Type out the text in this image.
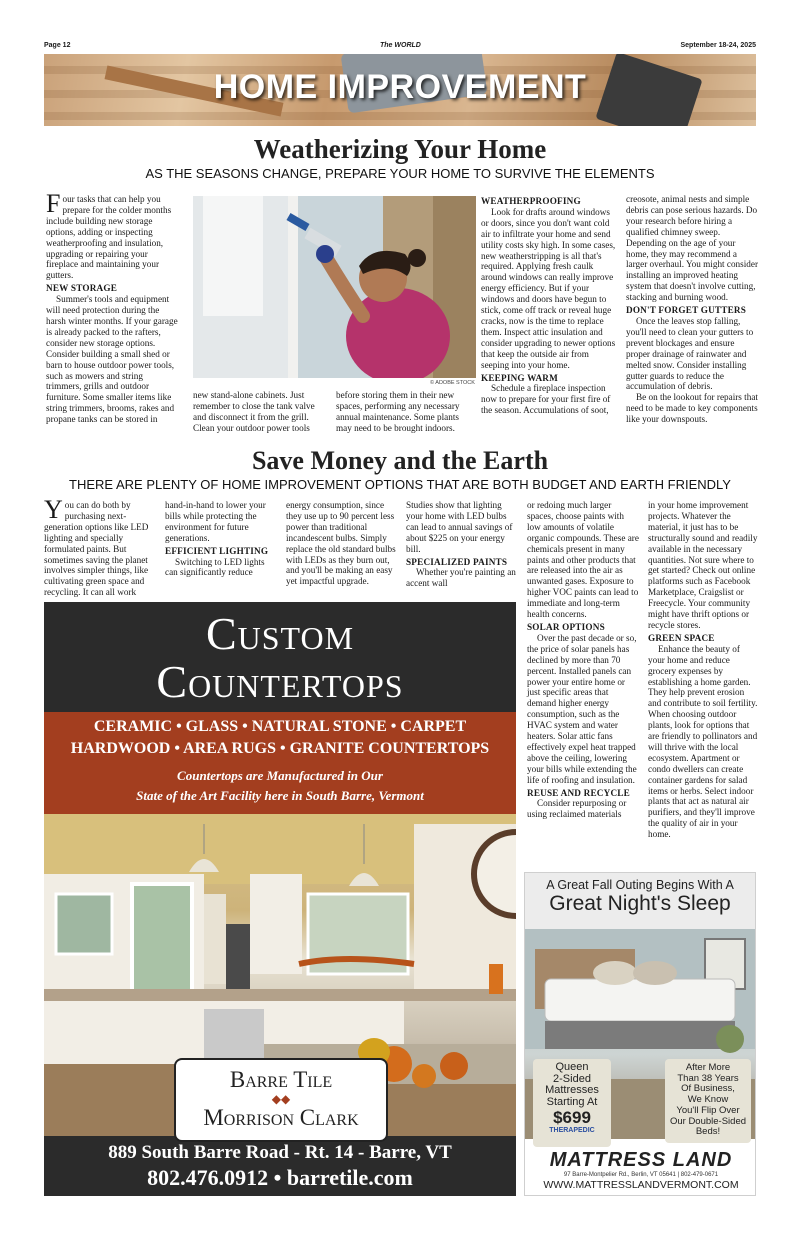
Page 12	The WORLD	September 18-24, 2025
HOME IMPROVEMENT
Weatherizing Your Home
AS THE SEASONS CHANGE, PREPARE YOUR HOME TO SURVIVE THE ELEMENTS

Four tasks that can help you prepare for the colder months include building new storage options, adding or inspecting weatherproofing and insulation, upgrading or repairing your fireplace and maintaining your gutters.

NEW STORAGE

Summer's tools and equipment will need protection during the harsh winter months. If your garage is already packed to the rafters, consider new storage options. Consider building a small shed or barn to house outdoor power tools, such as mowers and string trimmers, grills and outdoor furniture. Some smaller items like string trimmers, brooms, rakes and propane tanks can be stored in

© ADOBE STOCK

new stand-alone cabinets. Just remember to close the tank valve and disconnect it from the grill. Clean your outdoor power tools

before storing them in their new spaces, performing any necessary annual maintenance. Some plants may need to be brought indoors.

WEATHERPROOFING

Look for drafts around windows or doors, since you don't want cold air to infiltrate your home and send utility costs sky high. In some cases, new weatherstripping is all that's required. Applying fresh caulk around windows can really improve energy efficiency. But if your windows and doors have begun to stick, come off track or reveal huge cracks, now is the time to replace them. Inspect attic insulation and consider upgrading to newer options that keep the outside air from seeping into your home.

KEEPING WARM

Schedule a fireplace inspection now to prepare for your first fire of the season. Accumulations of soot,

creosote, animal nests and simple debris can pose serious hazards. Do your research before hiring a qualified chimney sweep. Depending on the age of your home, they may recommend a larger overhaul. You might consider installing an improved heating system that doesn't involve cutting, stacking and burning wood.

DON'T FORGET GUTTERS

Once the leaves stop falling, you'll need to clean your gutters to prevent blockages and ensure proper drainage of rainwater and melted snow. Consider installing gutter guards to reduce the accumulation of debris.

Be on the lookout for repairs that need to be made to key components like your downspouts.

Save Money and the Earth
THERE ARE PLENTY OF HOME IMPROVEMENT OPTIONS THAT ARE BOTH BUDGET AND EARTH FRIENDLY

You can do both by purchasing next-generation options like LED lighting and specially formulated paints. But sometimes saving the planet involves simpler things, like cultivating green space and recycling. It can all work

hand-in-hand to lower your bills while protecting the environment for future generations.

EFFICIENT LIGHTING

Switching to LED lights can significantly reduce

energy consumption, since they use up to 90 percent less power than traditional incandescent bulbs. Simply replace the old standard bulbs with LEDs as they burn out, and you'll be making an easy yet impactful upgrade.

Studies show that lighting your home with LED bulbs can lead to annual savings of about $225 on your energy bill.

SPECIALIZED PAINTS

Whether you're painting an accent wall

or redoing much larger spaces, choose paints with low amounts of volatile organic compounds. These are chemicals present in many paints and other products that are released into the air as unwanted gases. Exposure to higher VOC paints can lead to immediate and long-term health concerns.

SOLAR OPTIONS

Over the past decade or so, the price of solar panels has declined by more than 70 percent. Installed panels can power your entire home or just specific areas that demand higher energy consumption, such as the HVAC system and water heaters. Solar attic fans effectively expel heat trapped above the ceiling, lowering your bills while extending the life of roofing and insulation.

REUSE AND RECYCLE

Consider repurposing or using reclaimed materials

in your home improvement projects. Whatever the material, it just has to be structurally sound and readily available in the necessary quantities. Not sure where to get started? Check out online platforms such as Facebook Marketplace, Craigslist or Freecycle. Your community might have thrift options or recycle stores.

GREEN SPACE

Enhance the beauty of your home and reduce grocery expenses by establishing a home garden. They help prevent erosion and contribute to soil fertility. When choosing outdoor plants, look for options that are friendly to pollinators and will thrive with the local ecosystem. Apartment or condo dwellers can create container gardens for salad items or herbs. Select indoor plants that act as natural air purifiers, and they'll improve the quality of air in your home.

Custom
Countertops
CERAMIC • GLASS • NATURAL STONE • CARPET
HARDWOOD • AREA RUGS • GRANITE COUNTERTOPS
Countertops are Manufactured in Our
State of the Art Facility here in South Barre, Vermont
Barre Tile
◆◆
Morrison Clark
889 South Barre Road - Rt. 14 - Barre, VT
802.476.0912 • barretile.com
A Great Fall Outing Begins With A
Great Night's Sleep
Queen
2-Sided
Mattresses
Starting At
$699
THERAPEDIC
After More
Than 38 Years
Of Business,
We Know
You'll Flip Over
Our Double-Sided
Beds!
MATTRESS LAND
97 Barre-Montpelier Rd., Berlin, VT 05641 | 802-479-0671
WWW.MATTRESSLANDVERMONT.COM
